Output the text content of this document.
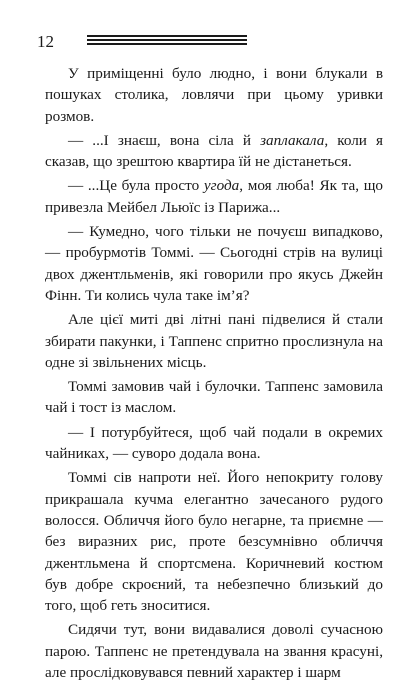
12

У приміщенні було людно, і вони блукали в пошуках столика, ловлячи при цьому уривки розмов.

— ...І знаєш, вона сіла й заплакала, коли я сказав, що зрештою квартира їй не дістанеться.

— ...Це була просто угода, моя люба! Як та, що привезла Мейбел Льюїс із Парижа...

— Кумедно, чого тільки не почуєш випадково, — пробурмотів Томмі. — Сьогодні стрів на вулиці двох джентльменів, які говорили про якусь Джейн Фінн. Ти колись чула таке ім’я?

Але цієї миті дві літні пані підвелися й стали збирати пакунки, і Таппенс спритно прослизнула на одне зі звільнених місць.

Томмі замовив чай і булочки. Таппенс замовила чай і тост із маслом.

— І потурбуйтеся, щоб чай подали в окремих чайниках, — суворо додала вона.

Томмі сів напроти неї. Його непокриту голову прикрашала кучма елегантно зачесаного рудого волосся. Обличчя його було негарне, та приємне — без виразних рис, проте безсумнівно обличчя джентльмена й спортсмена. Коричневий костюм був добре скроєний, та небезпечно близький до того, щоб геть зноситися.

Сидячи тут, вони видавалися доволі сучасною парою. Таппенс не претендувала на звання красуні, але прослідковувався певний характер і шарм
